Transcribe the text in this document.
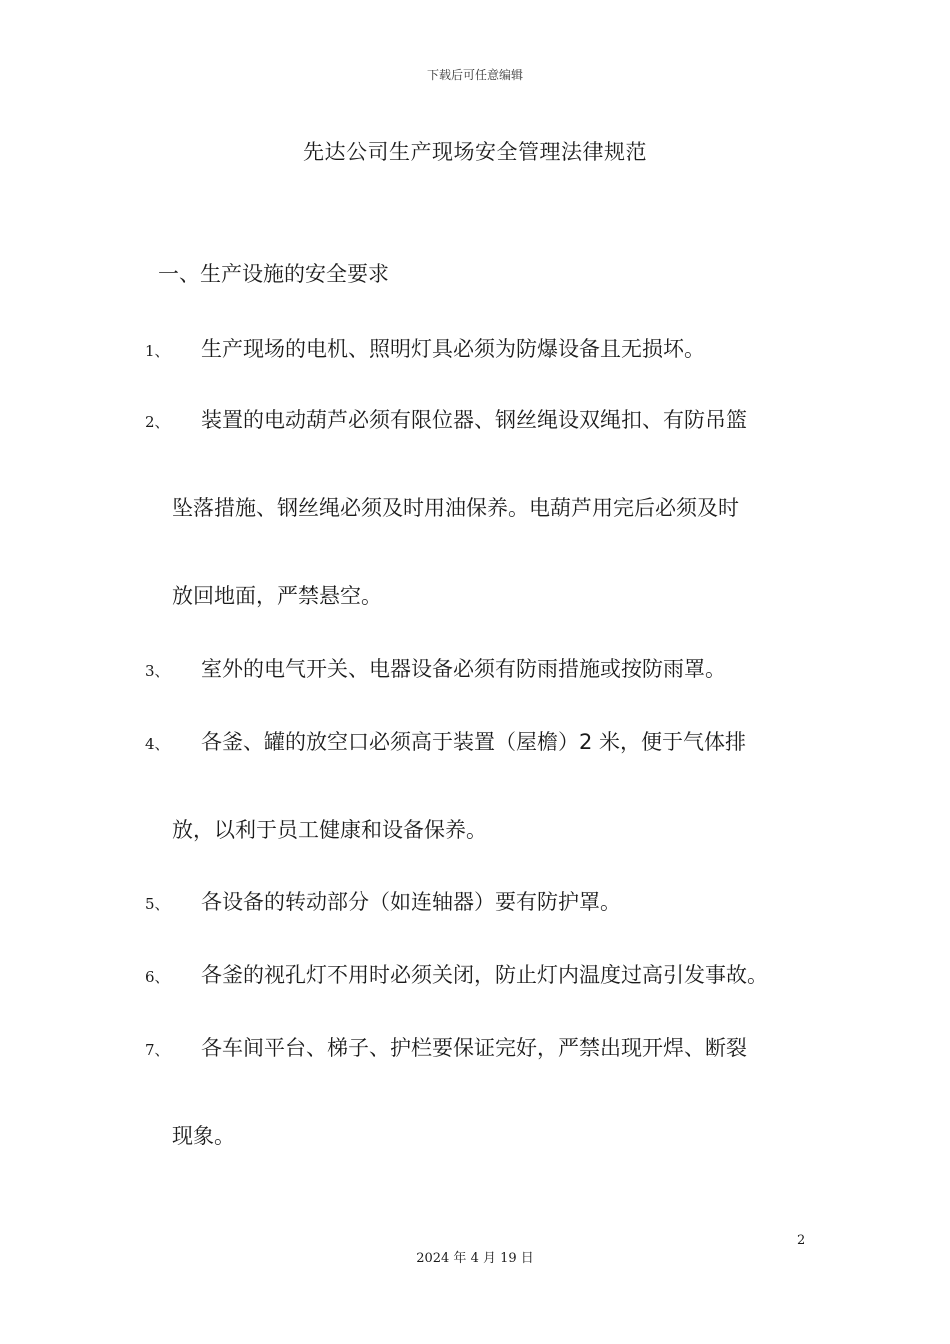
下载后可任意编辑
先达公司生产现场安全管理法律规范
一、生产设施的安全要求
1、	生产现场的电机、照明灯具必须为防爆设备且无损坏。
2、	装置的电动葫芦必须有限位器、钢丝绳设双绳扣、有防吊篮
坠落措施、钢丝绳必须及时用油保养。电葫芦用完后必须及时
放回地面，严禁悬空。
3、	室外的电气开关、电器设备必须有防雨措施或按防雨罩。
4、	各釜、罐的放空口必须高于装置（屋檐）2 米，便于气体排
放，以利于员工健康和设备保养。
5、	各设备的转动部分（如连轴器）要有防护罩。
6、	各釜的视孔灯不用时必须关闭，防止灯内温度过高引发事故。
7、	各车间平台、梯子、护栏要保证完好，严禁出现开焊、断裂
现象。
2
2024 年 4 月 19 日
